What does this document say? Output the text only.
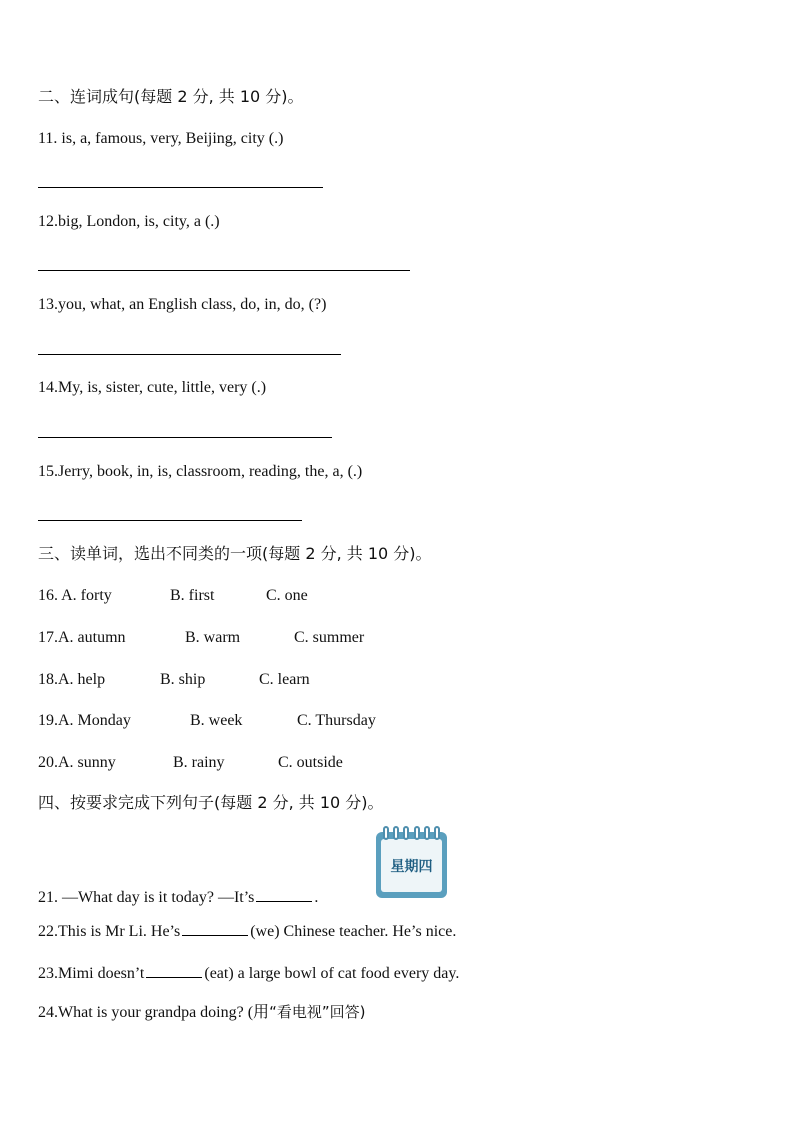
二、连词成句(每题 2 分, 共 10 分)。
11. is, a, famous, very, Beijing, city (.)
12.big, London, is, city, a (.)
13.you, what, an English class, do, in, do, (?)
14.My, is, sister, cute, little, very (.)
15.Jerry, book, in, is, classroom, reading, the, a, (.)
三、读单词，选出不同类的一项(每题 2 分, 共 10 分)。
16. A. forty	B. first	C. one
17.A. autumn	B. warm	C. summer
18.A. help	B. ship	C. learn
19.A. Monday	B. week	C. Thursday
20.A. sunny	B. rainy	C. outside
四、按要求完成下列句子(每题 2 分, 共 10 分)。
星期四
21. —What day is it today? —It’s	.
22.This is Mr Li. He’s	(we) Chinese teacher. He’s nice.
23.Mimi doesn’t	(eat) a large bowl of cat food every day.
24.What is your grandpa doing? (用“看电视”回答)
